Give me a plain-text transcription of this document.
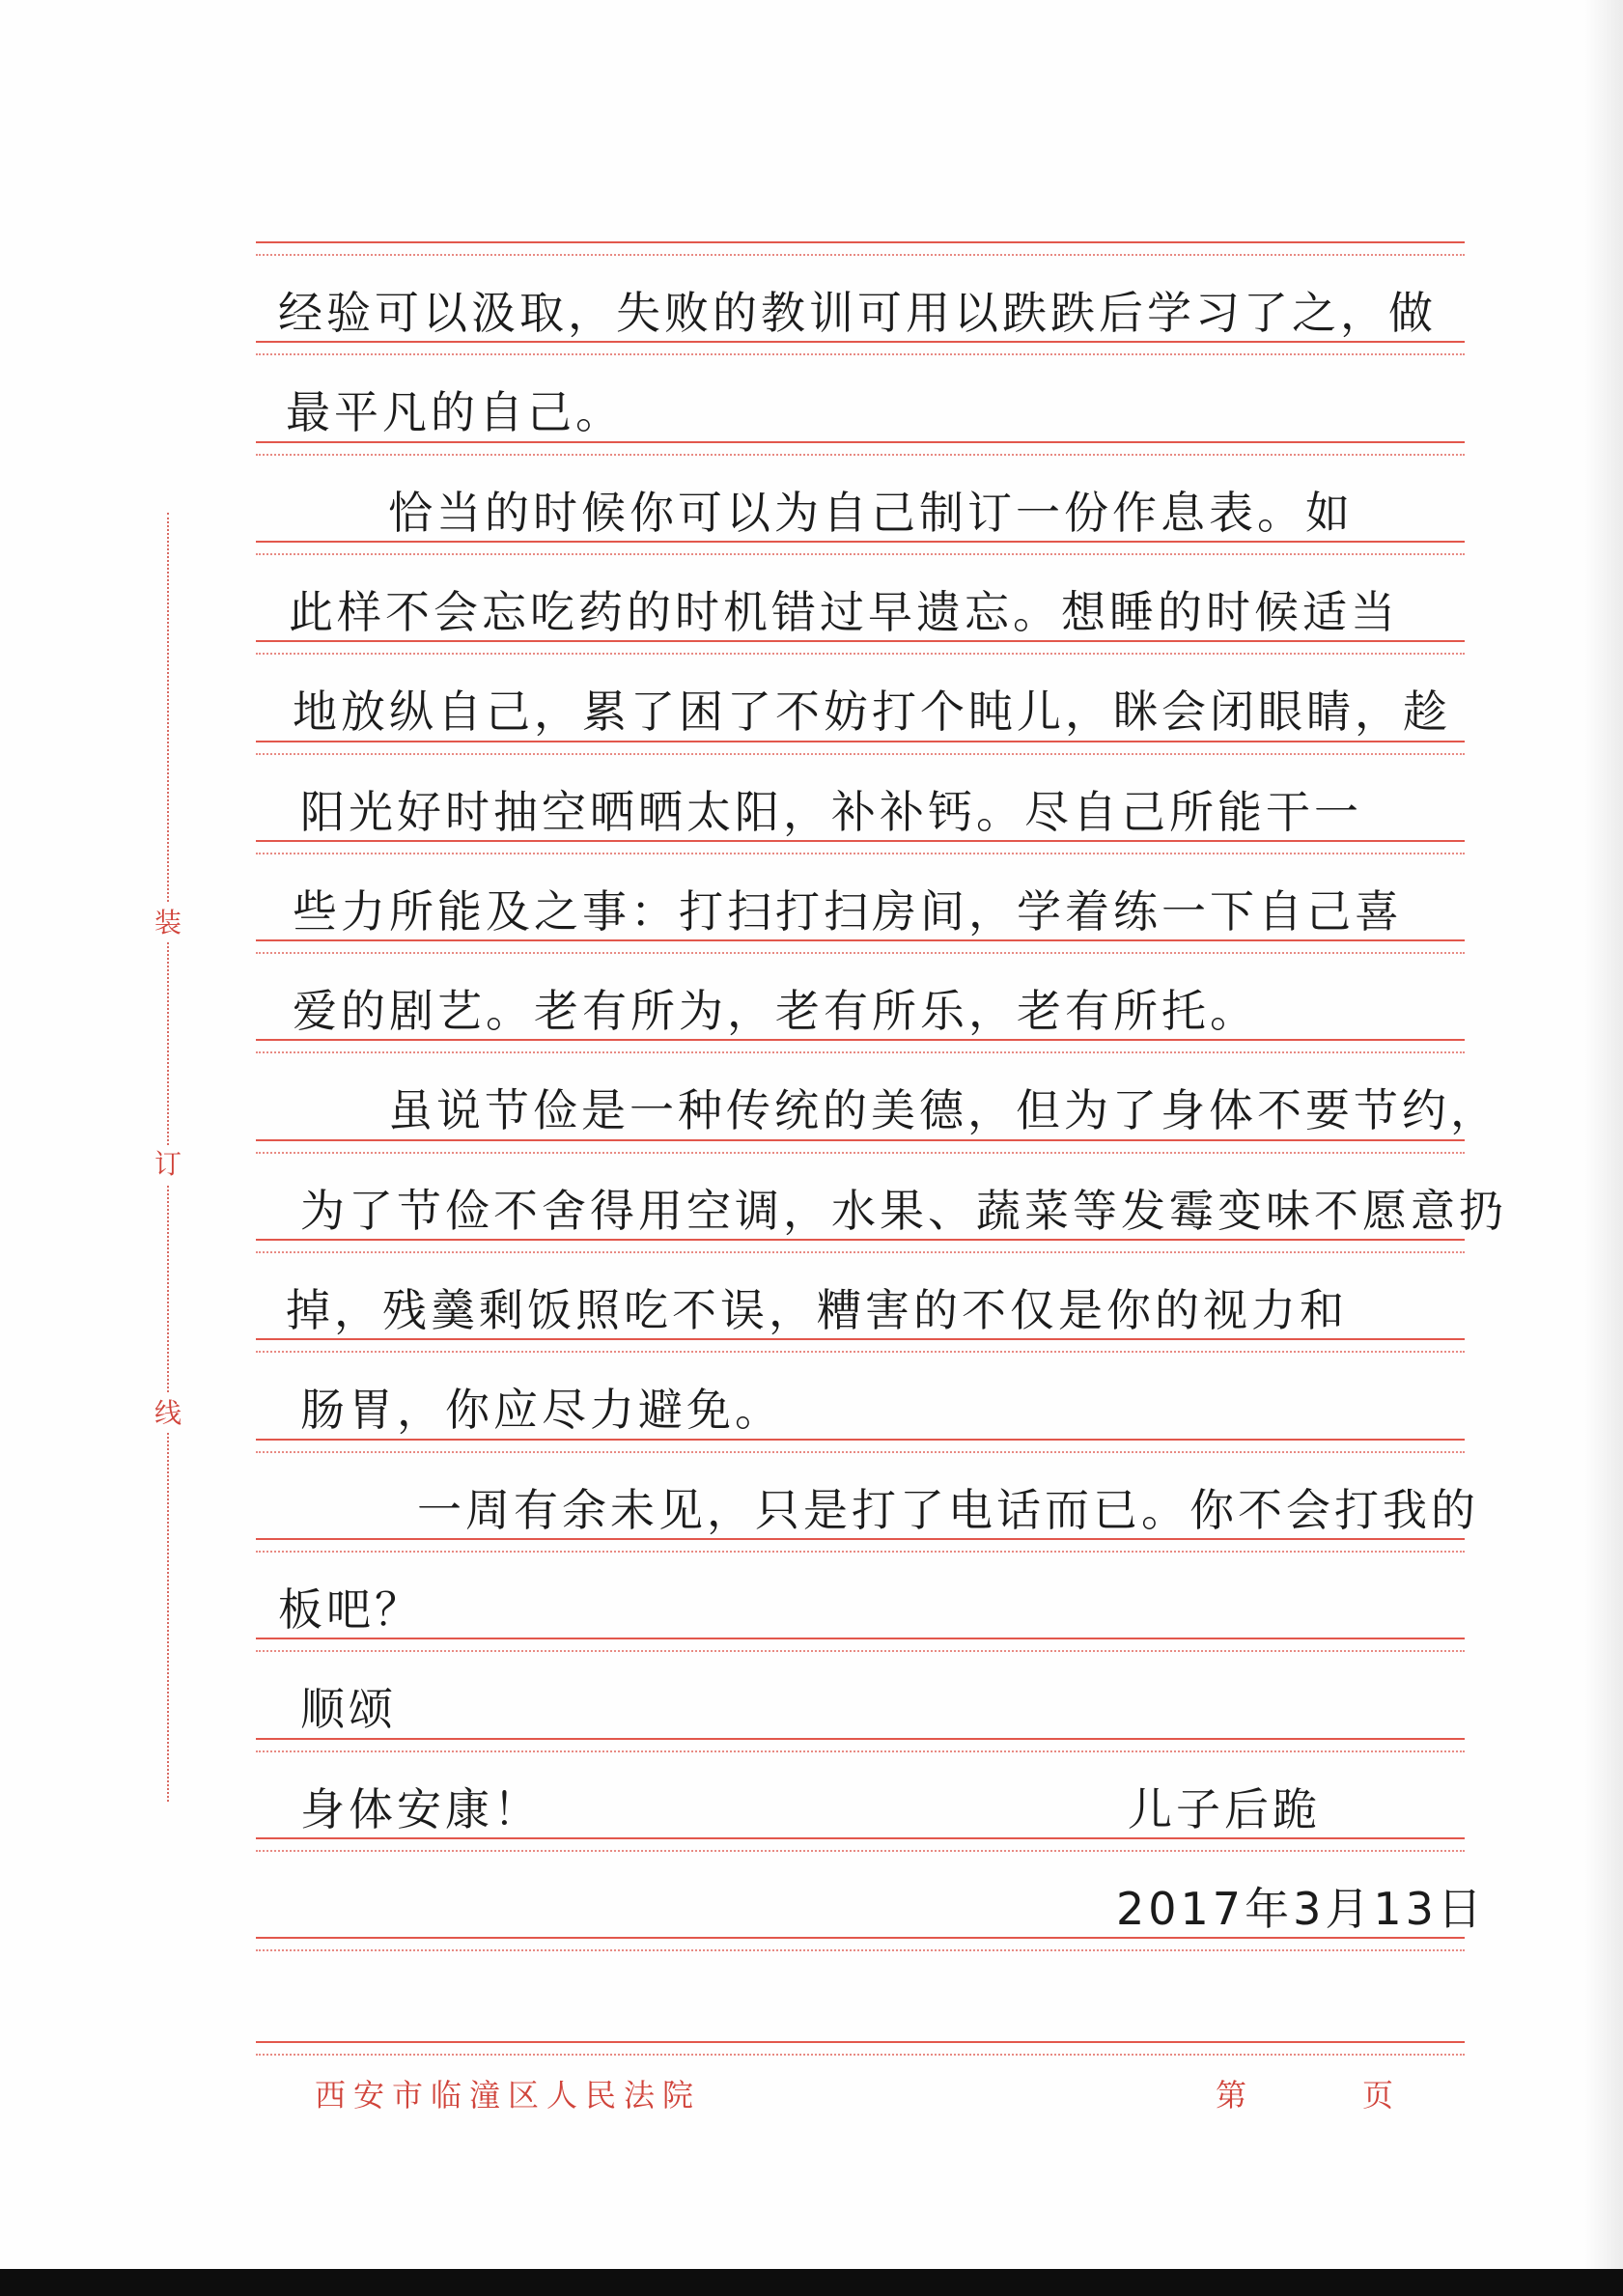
装
订
线
经验可以汲取，失败的教训可用以跌跌后学习了之，做
最平凡的自己。
恰当的时候你可以为自己制订一份作息表。如
此样不会忘吃药的时机错过早遗忘。想睡的时候适当
地放纵自己，累了困了不妨打个盹儿，眯会闭眼睛，趁
阳光好时抽空晒晒太阳，补补钙。尽自己所能干一
些力所能及之事：打扫打扫房间，学着练一下自己喜
爱的剧艺。老有所为，老有所乐，老有所托。
虽说节俭是一种传统的美德，但为了身体不要节约，
为了节俭不舍得用空调，水果、蔬菜等发霉变味不愿意扔
掉，残羹剩饭照吃不误，糟害的不仅是你的视力和
肠胃，你应尽力避免。
一周有余未见，只是打了电话而已。你不会打我的
板吧？
顺颂
身体安康！	儿子后跪
2017年3月13日
西安市临潼区人民法院	第	页
